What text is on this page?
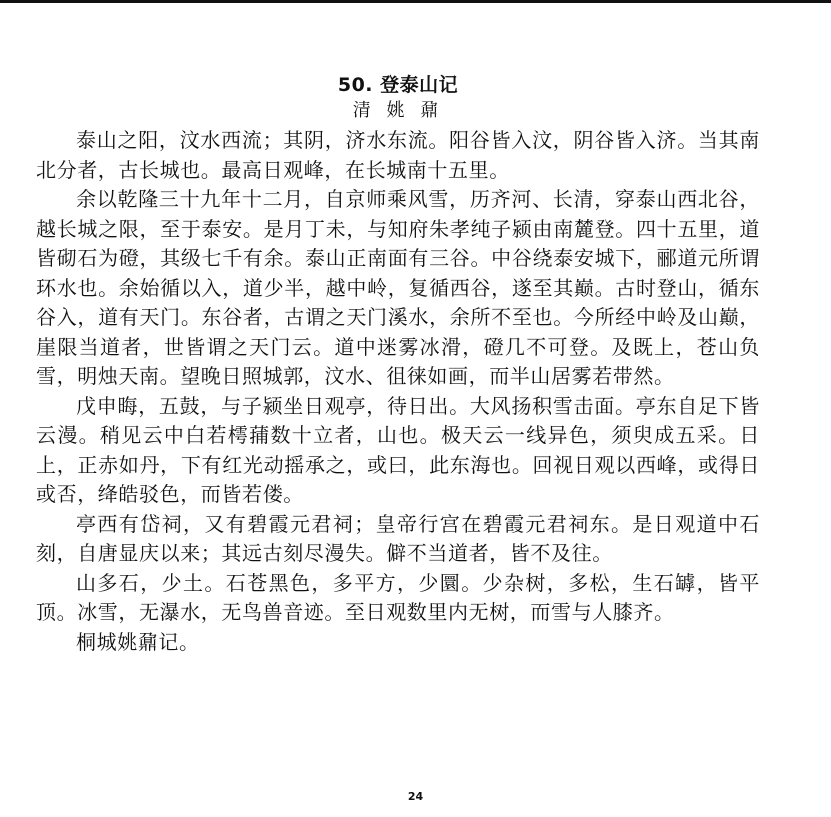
50. 登泰山记
清 姚 鼐

泰山之阳，汶水西流；其阴，济水东流。阳谷皆入汶，阴谷皆入济。当其南北分者，古长城也。最高日观峰，在长城南十五里。

余以乾隆三十九年十二月，自京师乘风雪，历齐河、长清，穿泰山西北谷，越长城之限，至于泰安。是月丁未，与知府朱孝纯子颍由南麓登。四十五里，道皆砌石为磴，其级七千有余。泰山正南面有三谷。中谷绕泰安城下，郦道元所谓环水也。余始循以入，道少半，越中岭，复循西谷，遂至其巅。古时登山，循东谷入，道有天门。东谷者，古谓之天门溪水，余所不至也。今所经中岭及山巅，崖限当道者，世皆谓之天门云。道中迷雾冰滑，磴几不可登。及既上，苍山负雪，明烛天南。望晚日照城郭，汶水、徂徕如画，而半山居雾若带然。

戊申晦，五鼓，与子颍坐日观亭，待日出。大风扬积雪击面。亭东自足下皆云漫。稍见云中白若樗蒱数十立者，山也。极天云一线异色，须臾成五采。日上，正赤如丹，下有红光动摇承之，或曰，此东海也。回视日观以西峰，或得日或否，绛皓驳色，而皆若偻。

亭西有岱祠，又有碧霞元君祠；皇帝行宫在碧霞元君祠东。是日观道中石刻，自唐显庆以来；其远古刻尽漫失。僻不当道者，皆不及往。

山多石，少土。石苍黑色，多平方，少圜。少杂树，多松，生石罅，皆平顶。冰雪，无瀑水，无鸟兽音迹。至日观数里内无树，而雪与人膝齐。

桐城姚鼐记。

24
